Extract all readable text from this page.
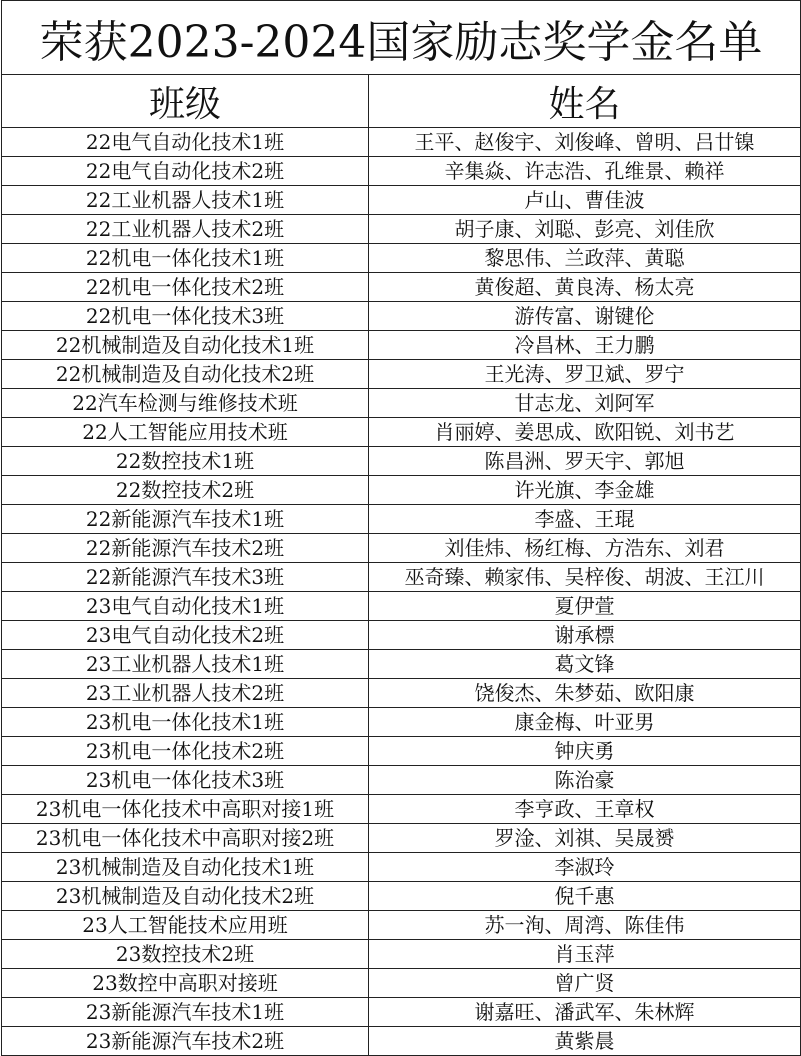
荣获2023-2024国家励志奖学金名单	
班级	姓名
22电气自动化技术1班	王平、赵俊宇、刘俊峰、曾明、吕廿镍
22电气自动化技术2班	辛集焱、许志浩、孔维景、赖祥
22工业机器人技术1班	卢山、曹佳波
22工业机器人技术2班	胡子康、刘聪、彭亮、刘佳欣
22机电一体化技术1班	黎思伟、兰政萍、黄聪
22机电一体化技术2班	黄俊超、黄良涛、杨太亮
22机电一体化技术3班	游传富、谢键伦
22机械制造及自动化技术1班	冷昌林、王力鹏
22机械制造及自动化技术2班	王光涛、罗卫斌、罗宁
22汽车检测与维修技术班	甘志龙、刘阿军
22人工智能应用技术班	肖丽婷、姜思成、欧阳锐、刘书艺
22数控技术1班	陈昌洲、罗天宇、郭旭
22数控技术2班	许光旗、李金雄
22新能源汽车技术1班	李盛、王琨
22新能源汽车技术2班	刘佳炜、杨红梅、方浩东、刘君
22新能源汽车技术3班	巫奇臻、赖家伟、吴梓俊、胡波、王江川
23电气自动化技术1班	夏伊萱
23电气自动化技术2班	谢承標
23工业机器人技术1班	葛文锋
23工业机器人技术2班	饶俊杰、朱梦茹、欧阳康
23机电一体化技术1班	康金梅、叶亚男
23机电一体化技术2班	钟庆勇
23机电一体化技术3班	陈治豪
23机电一体化技术中高职对接1班	李亨政、王章权
23机电一体化技术中高职对接2班	罗淦、刘祺、吴晟赟
23机械制造及自动化技术1班	李淑玲
23机械制造及自动化技术2班	倪千惠
23人工智能技术应用班	苏一洵、周湾、陈佳伟
23数控技术2班	肖玉萍
23数控中高职对接班	曾广贤
23新能源汽车技术1班	谢嘉旺、潘武军、朱林辉
23新能源汽车技术2班	黄紫晨
